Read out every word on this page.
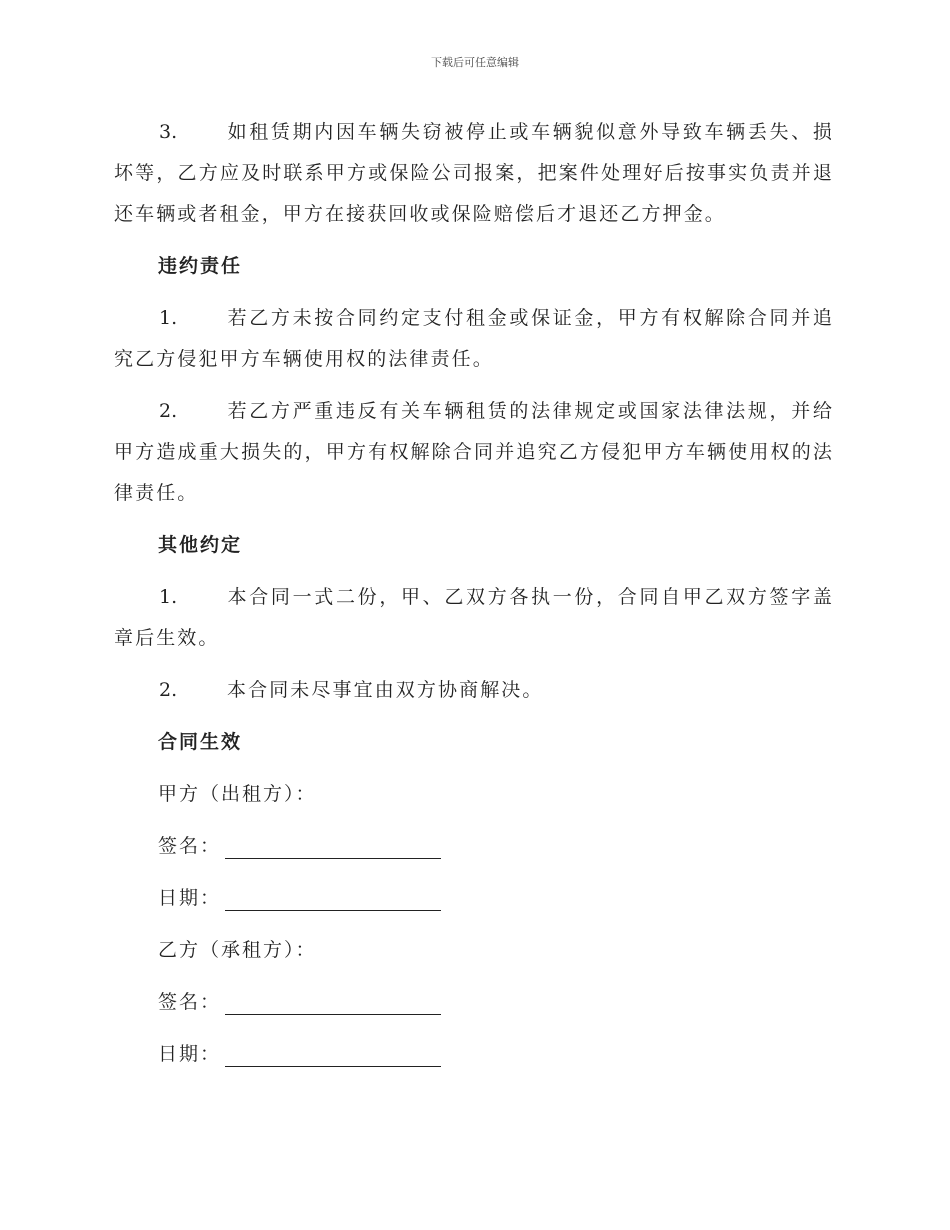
下载后可任意编辑

3.	如租赁期内因车辆失窃被停止或车辆貌似意外导致车辆丢失、损坏等，乙方应及时联系甲方或保险公司报案，把案件处理好后按事实负责并退还车辆或者租金，甲方在接获回收或保险赔偿后才退还乙方押金。

违约责任

1.	若乙方未按合同约定支付租金或保证金，甲方有权解除合同并追究乙方侵犯甲方车辆使用权的法律责任。

2.	若乙方严重违反有关车辆租赁的法律规定或国家法律法规，并给甲方造成重大损失的，甲方有权解除合同并追究乙方侵犯甲方车辆使用权的法律责任。

其他约定

1.	本合同一式二份，甲、乙双方各执一份，合同自甲乙双方签字盖章后生效。

2.	本合同未尽事宜由双方协商解决。

合同生效
甲方（出租方）：
签名：
日期：
乙方（承租方）：
签名：
日期：
